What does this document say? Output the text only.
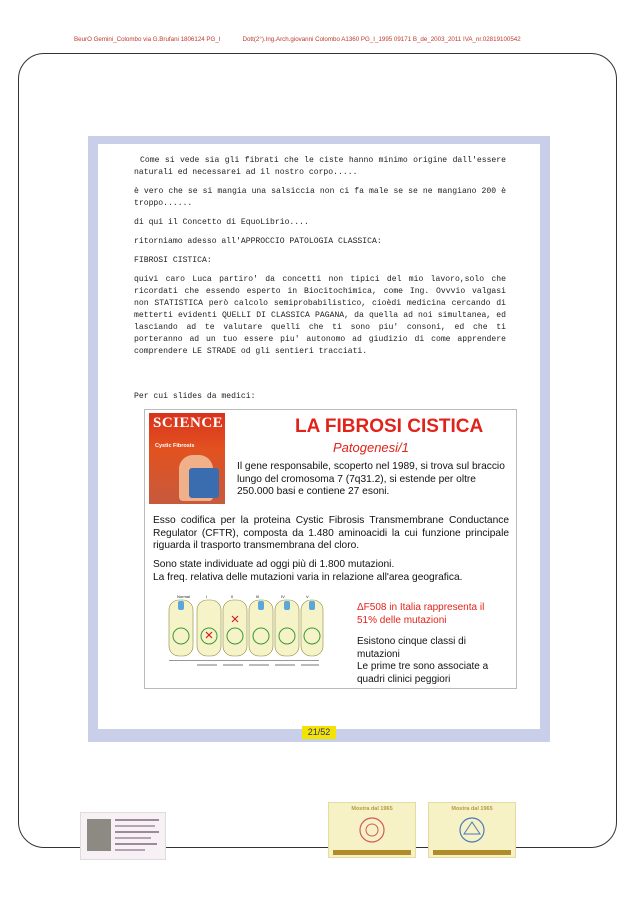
BeurO Gemini_Colombo via G.Brufani 1806124 PG_I	Dott(2°).Ing.Arch.giovanni Colombo A1360 PG_I_1995 09171 B_de_2003_2011 IVA_nr.02819100542

Come si vede sia gli fibrati che le ciste hanno minimo origine dall'essere naturali ed necessarei ad il nostro corpo.....

è vero che se si mangia una salsiccia non ci fa male se se ne mangiano 200 è troppo......

di qui il Concetto di EquoLibrio....

ritorniamo adesso all'APPROCCIO PATOLOGIA CLASSICA:

FIBROSI CISTICA:

quivi caro Luca partiro' da concetti non tipici del mio lavoro,solo che ricordati che essendo esperto in Biocitochimica, come Ing. Ovvvio valgasi non STATISTICA però calcolo semiprobabilistico, cioèdi medicina cercando di metterti evidenti QUELLI DI CLASSICA PAGANA, da quella ad noi simultanea, ed lasciando ad te valutare quelli che ti sono piu' consoni, ed che ti porteranno ad un tuo essere piu' autonomo ad giudizio di come apprendere comprendere LE STRADE od gli sentieri tracciati.

Per cui slides da medici:
SCIENCE
Cystic Fibrosis
LA FIBROSI CISTICA
Patogenesi/1
Il gene responsabile, scoperto nel 1989, si trova sul braccio lungo del cromosoma 7 (7q31.2), si estende per oltre 250.000 basi e contiene 27 esoni.
Esso codifica per la proteina Cystic Fibrosis Transmembrane Conductance Regulator (CFTR), composta da 1.480 aminoacidi la cui funzione principale riguarda il trasporto transmembrana del cloro.
Sono state individuate ad oggi più di 1.800 mutazioni.
La freq. relativa delle mutazioni varia in relazione all'area geografica.
Normal	I	II	III	IV	V
ΔF508 in Italia rappresenta il 51% delle mutazioni
Esistono cinque classi di mutazioni
Le prime tre sono associate a quadri clinici peggiori
21/52
Mostra dal 1965	Mostra dal 1965
